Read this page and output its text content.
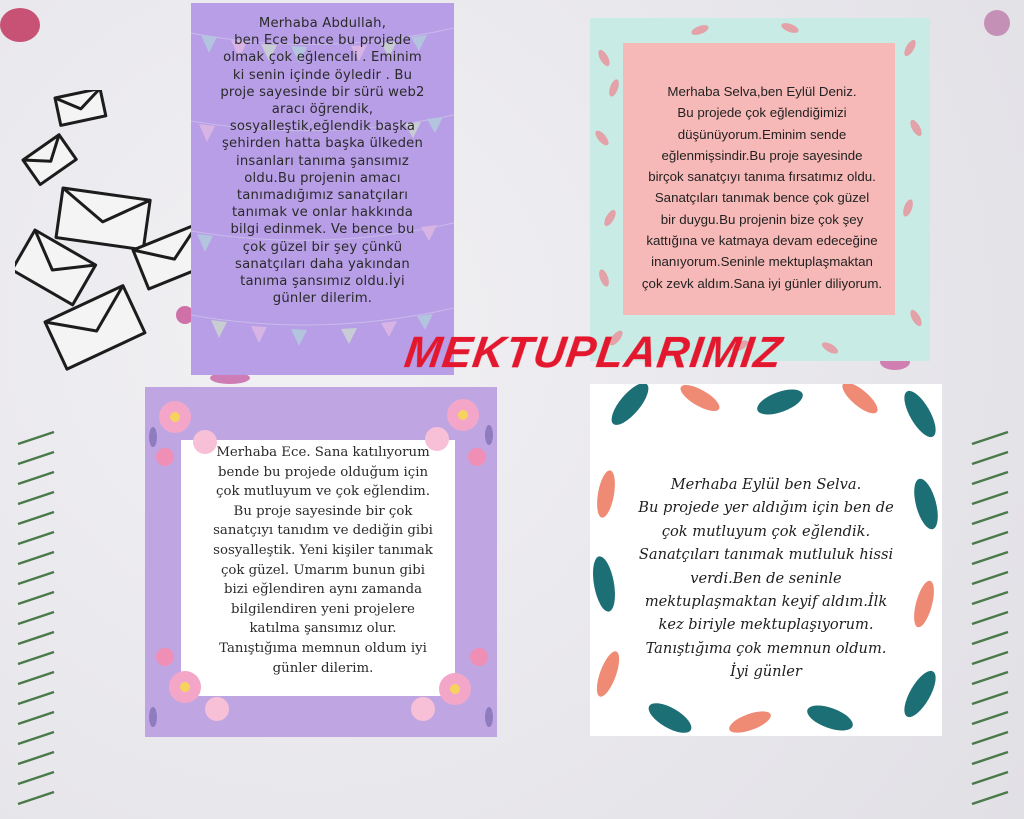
Merhaba Abdullah,
ben Ece bence bu projede
olmak çok eğlenceli . Eminim
ki senin içinde öyledir . Bu
proje sayesinde bir sürü web2
aracı öğrendik,
sosyalleştik,eğlendik başka
şehirden hatta başka ülkeden
insanları tanıma şansımız
oldu.Bu projenin amacı
tanımadığımız sanatçıları
tanımak ve onlar hakkında
bilgi edinmek. Ve bence bu
çok güzel bir şey çünkü
sanatçıları daha yakından
tanıma şansımız oldu.İyi
günler dilerim.
Merhaba Selva,ben Eylül Deniz.
Bu projede çok eğlendiğimizi
düşünüyorum.Eminim sende
eğlenmişsindir.Bu proje sayesinde
birçok sanatçıyı tanıma fırsatımız oldu.
Sanatçıları tanımak bence çok güzel
bir duygu.Bu projenin bize çok şey
kattığına ve katmaya devam edeceğine
inanıyorum.Seninle mektuplaşmaktan
çok zevk aldım.Sana iyi günler diliyorum.
Merhaba Ece. Sana katılıyorum
bende bu projede olduğum için
çok mutluyum ve çok eğlendim.
Bu proje sayesinde bir çok
sanatçıyı tanıdım ve dediğin gibi
sosyalleştik. Yeni kişiler tanımak
çok güzel. Umarım bunun gibi
bizi eğlendiren aynı zamanda
bilgilendiren yeni projelere
katılma şansımız olur.
Tanıştığıma memnun oldum iyi
günler dilerim.
Merhaba Eylül ben Selva.
Bu projede yer aldığım için ben de
çok mutluyum çok eğlendik.
Sanatçıları tanımak mutluluk hissi
verdi.Ben de seninle
mektuplaşmaktan keyif aldım.İlk
kez biriyle mektuplaşıyorum.
Tanıştığıma çok memnun oldum.
İyi günler
MEKTUPLARIMIZ
